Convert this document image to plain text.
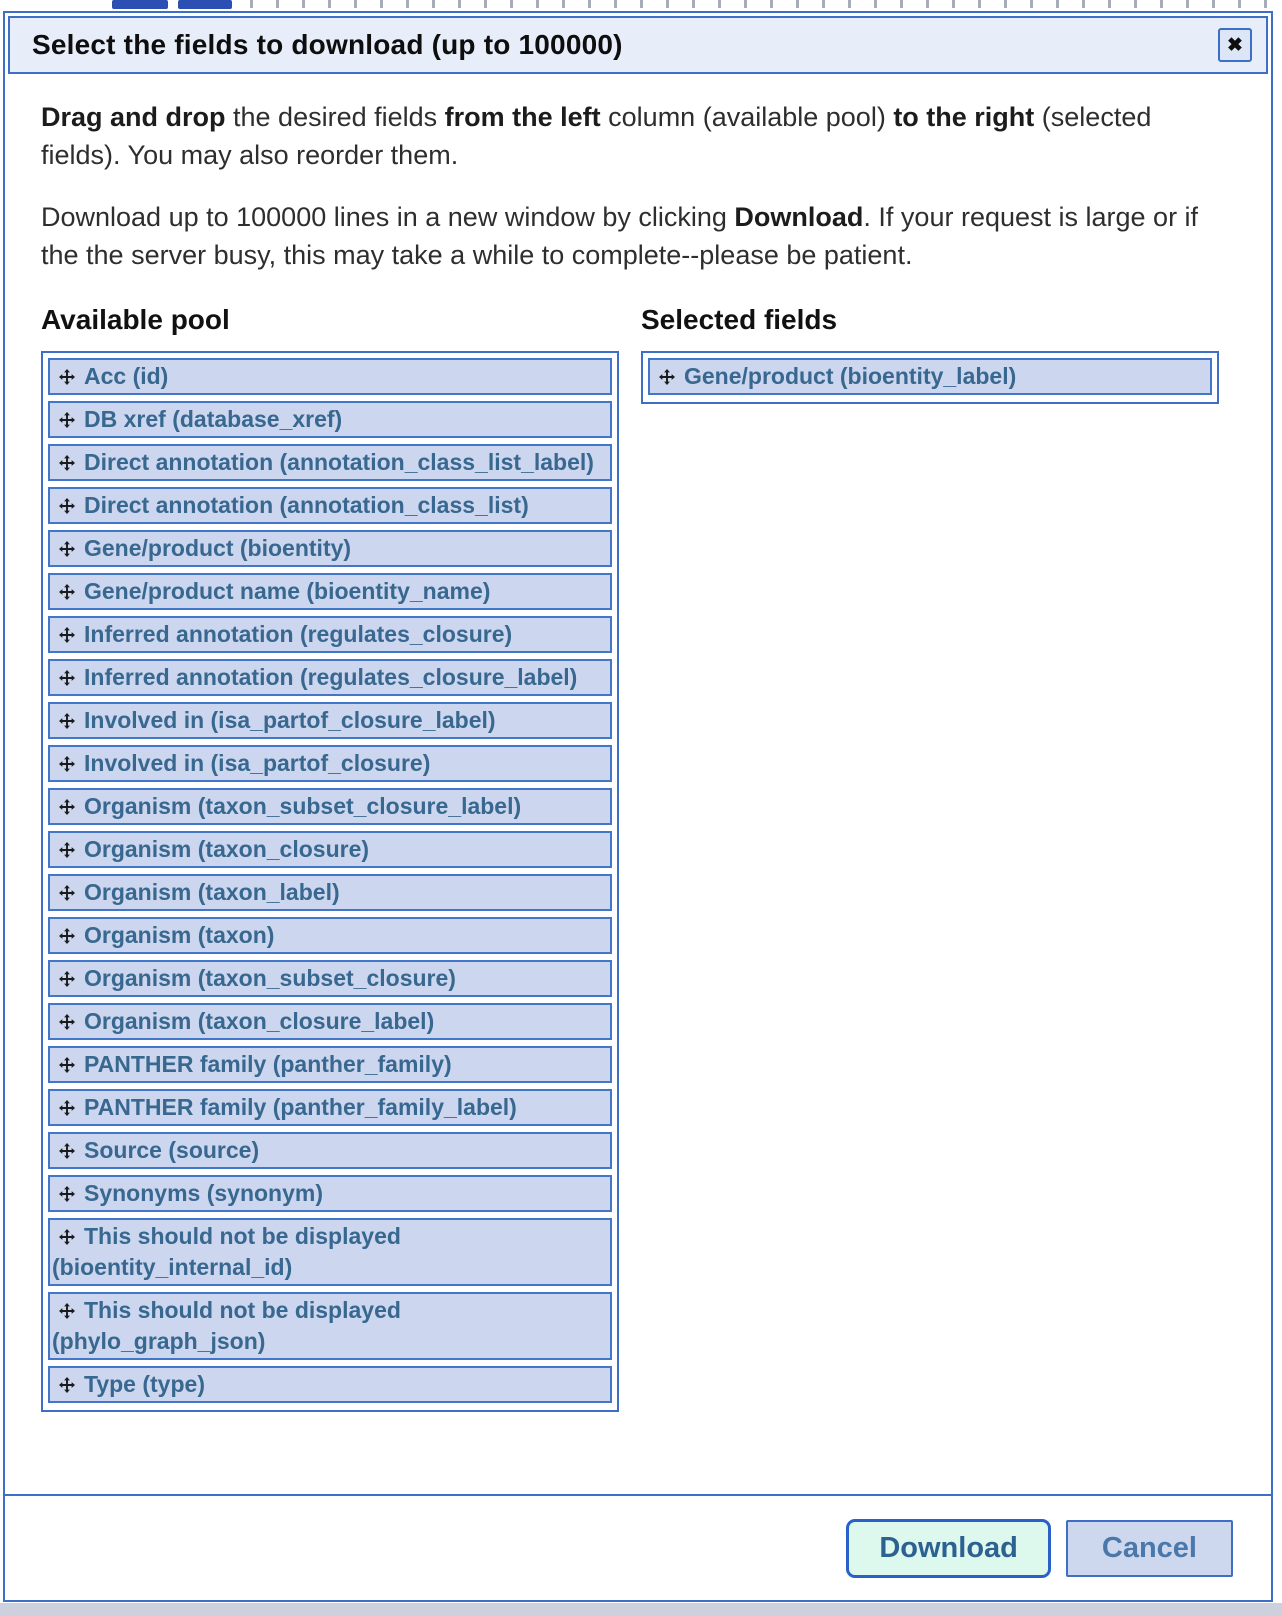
Select the fields to download (up to 100000)	✖

Drag and drop the desired fields from the left column (available pool) to the right (selected fields). You may also reorder them.

Download up to 100000 lines in a new window by clicking Download. If your request is large or if the the server busy, this may take a while to complete--please be patient.

Available pool
Acc (id)
DB xref (database_xref)
Direct annotation (annotation_class_list_label)
Direct annotation (annotation_class_list)
Gene/product (bioentity)
Gene/product name (bioentity_name)
Inferred annotation (regulates_closure)
Inferred annotation (regulates_closure_label)
Involved in (isa_partof_closure_label)
Involved in (isa_partof_closure)
Organism (taxon_subset_closure_label)
Organism (taxon_closure)
Organism (taxon_label)
Organism (taxon)
Organism (taxon_subset_closure)
Organism (taxon_closure_label)
PANTHER family (panther_family)
PANTHER family (panther_family_label)
Source (source)
Synonyms (synonym)
This should not be displayed (bioentity_internal_id)
This should not be displayed (phylo_graph_json)
Type (type)
Selected fields
Gene/product (bioentity_label)
Download	Cancel
